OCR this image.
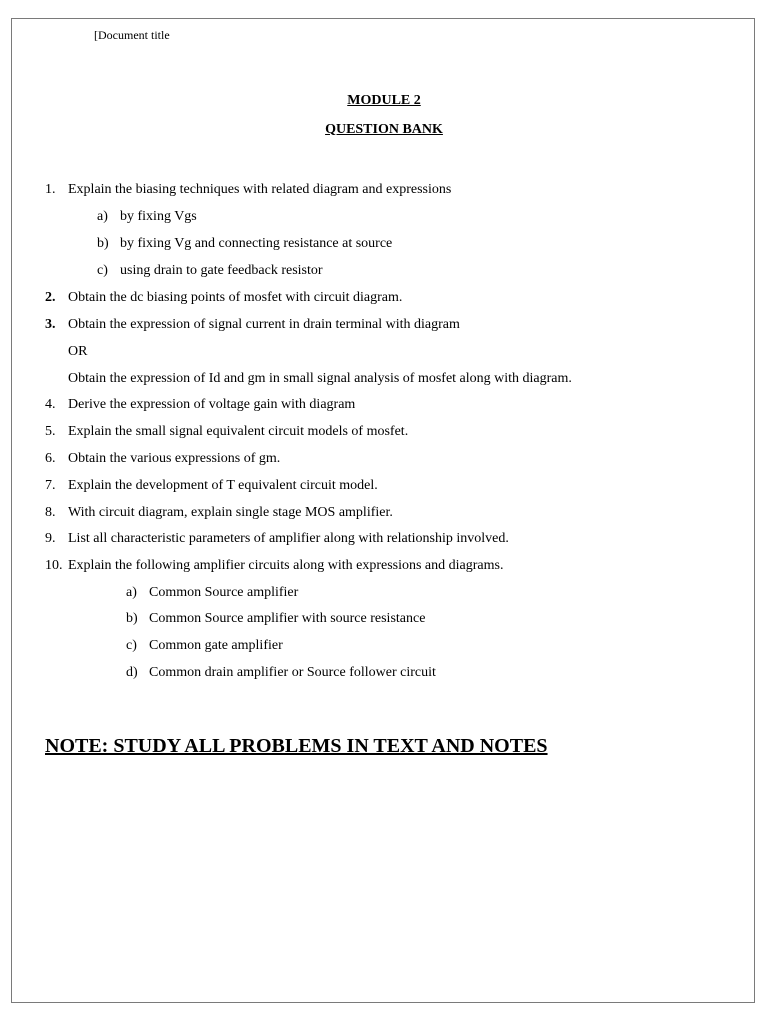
[Document title
MODULE 2
QUESTION BANK
1. Explain the biasing techniques with related diagram and expressions
a) by fixing Vgs
b) by fixing Vg and connecting resistance at source
c) using drain to gate feedback resistor
2. Obtain the dc biasing points of mosfet with circuit diagram.
3. Obtain the expression of signal current in drain terminal with diagram
OR
Obtain the expression of Id and gm in small signal analysis of mosfet along with diagram.
4. Derive the expression of voltage gain with diagram
5. Explain the small signal equivalent circuit models of mosfet.
6. Obtain the various expressions of gm.
7. Explain the development of T equivalent circuit model.
8. With circuit diagram, explain single stage MOS amplifier.
9. List all characteristic parameters of amplifier along with relationship involved.
10. Explain the following amplifier circuits along with expressions and diagrams.
a) Common Source amplifier
b) Common Source amplifier with source resistance
c) Common gate amplifier
d) Common drain amplifier or Source follower circuit
NOTE: STUDY ALL PROBLEMS IN TEXT AND NOTES
